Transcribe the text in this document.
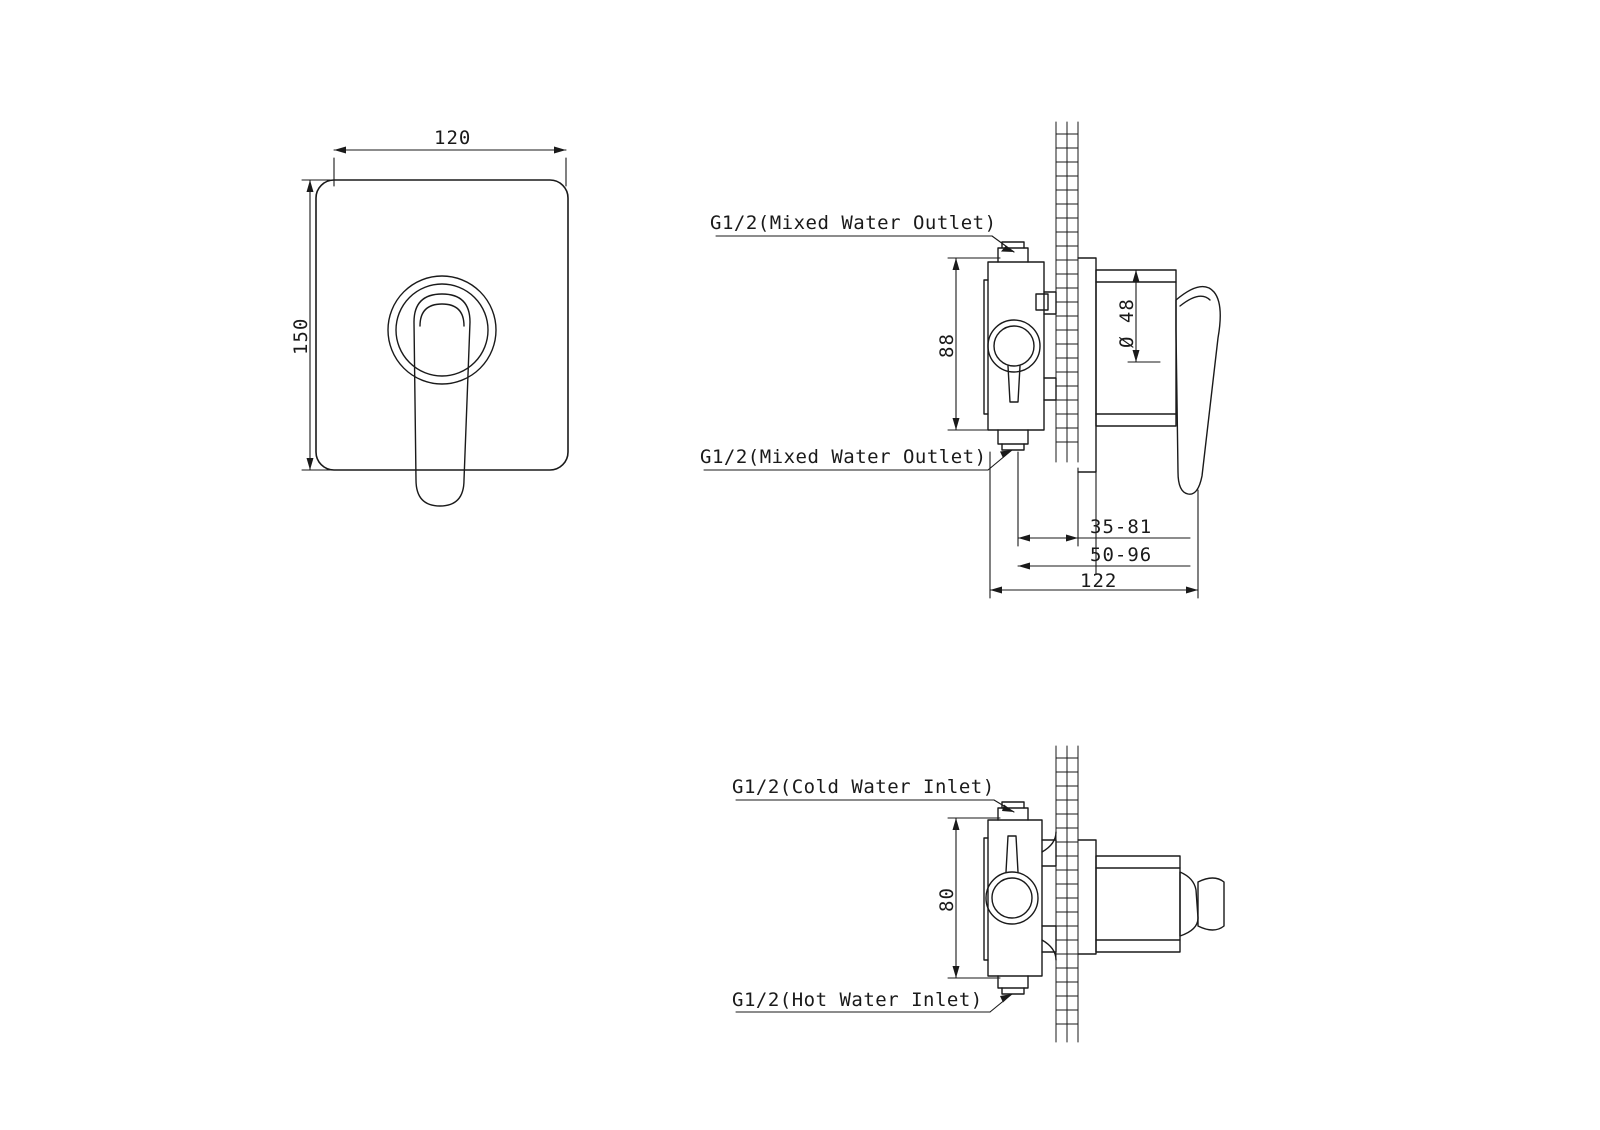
120
150
G1/2(Mixed Water Outlet)
G1/2(Mixed Water Outlet)
88	Ø 48
35-81
50-96
122
G1/2(Cold Water Inlet)
G1/2(Hot Water Inlet)
80
